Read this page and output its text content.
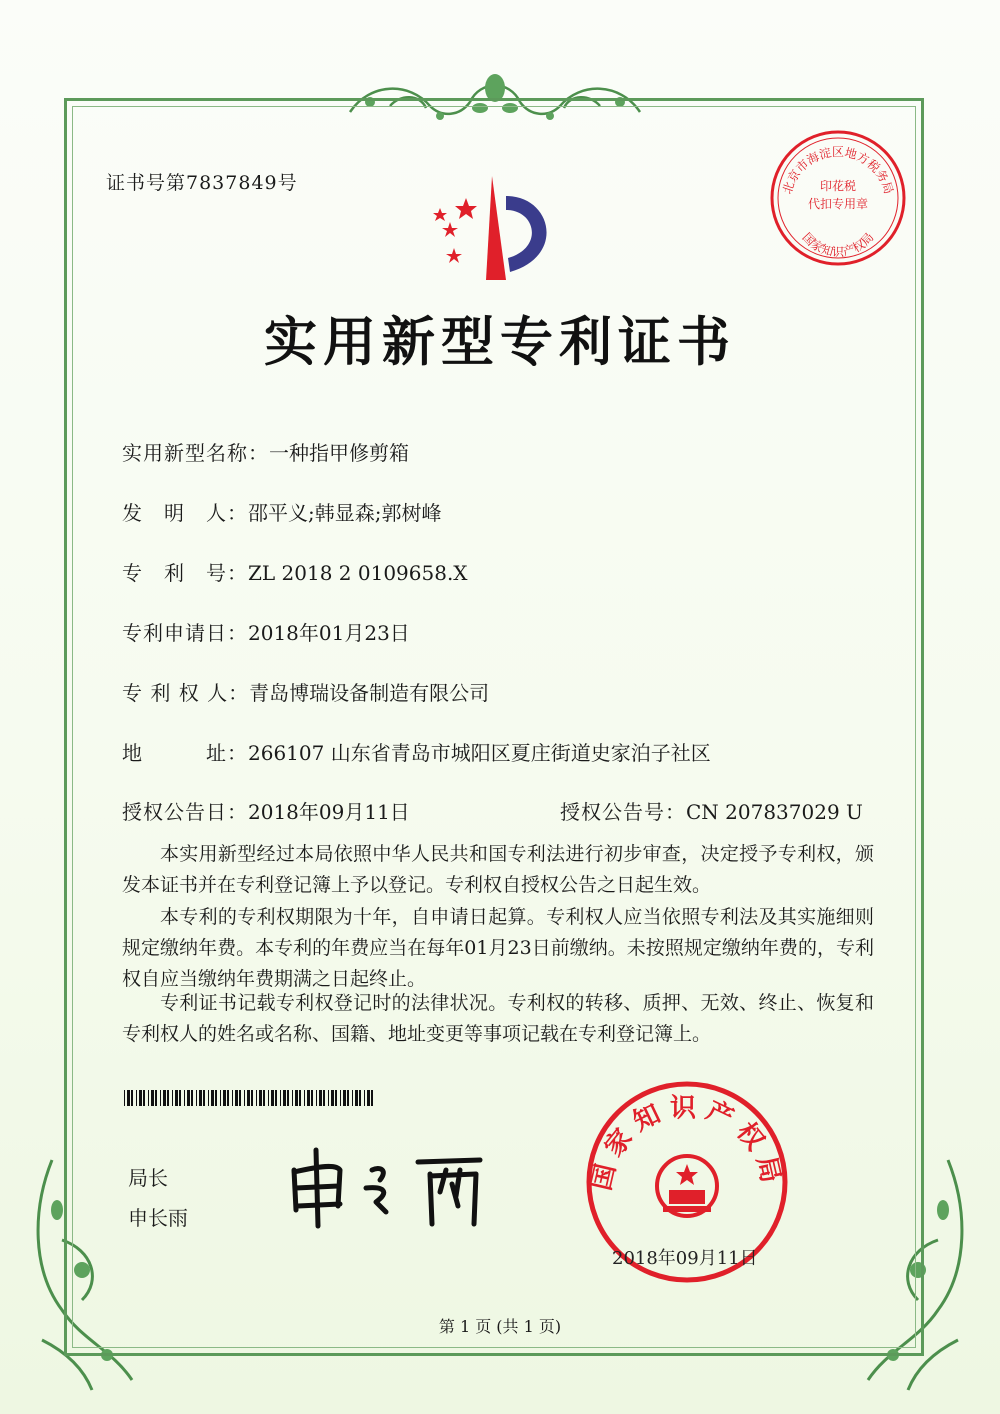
证书号第7837849号	北京市海淀区地方税务局
印花税
代扣专用章
国家知识产权局
实用新型专利证书
实用新型名称：一种指甲修剪箱
发　明　人：邵平义;韩显森;郭树峰
专　利　号：ZL 2018 2 0109658.X
专利申请日：2018年01月23日
专 利 权 人：青岛博瑞设备制造有限公司
地　　　址：266107 山东省青岛市城阳区夏庄街道史家泊子社区
授权公告日：2018年09月11日	授权公告号：CN 207837029 U
本实用新型经过本局依照中华人民共和国专利法进行初步审查，决定授予专利权，颁发本证书并在专利登记簿上予以登记。专利权自授权公告之日起生效。
本专利的专利权期限为十年，自申请日起算。专利权人应当依照专利法及其实施细则规定缴纳年费。本专利的年费应当在每年01月23日前缴纳。未按照规定缴纳年费的，专利权自应当缴纳年费期满之日起终止。
专利证书记载专利权登记时的法律状况。专利权的转移、质押、无效、终止、恢复和专利权人的姓名或名称、国籍、地址变更等事项记载在专利登记簿上。
局长
申长雨
国家知识产权局
2018年09月11日
第 1 页 (共 1 页)
